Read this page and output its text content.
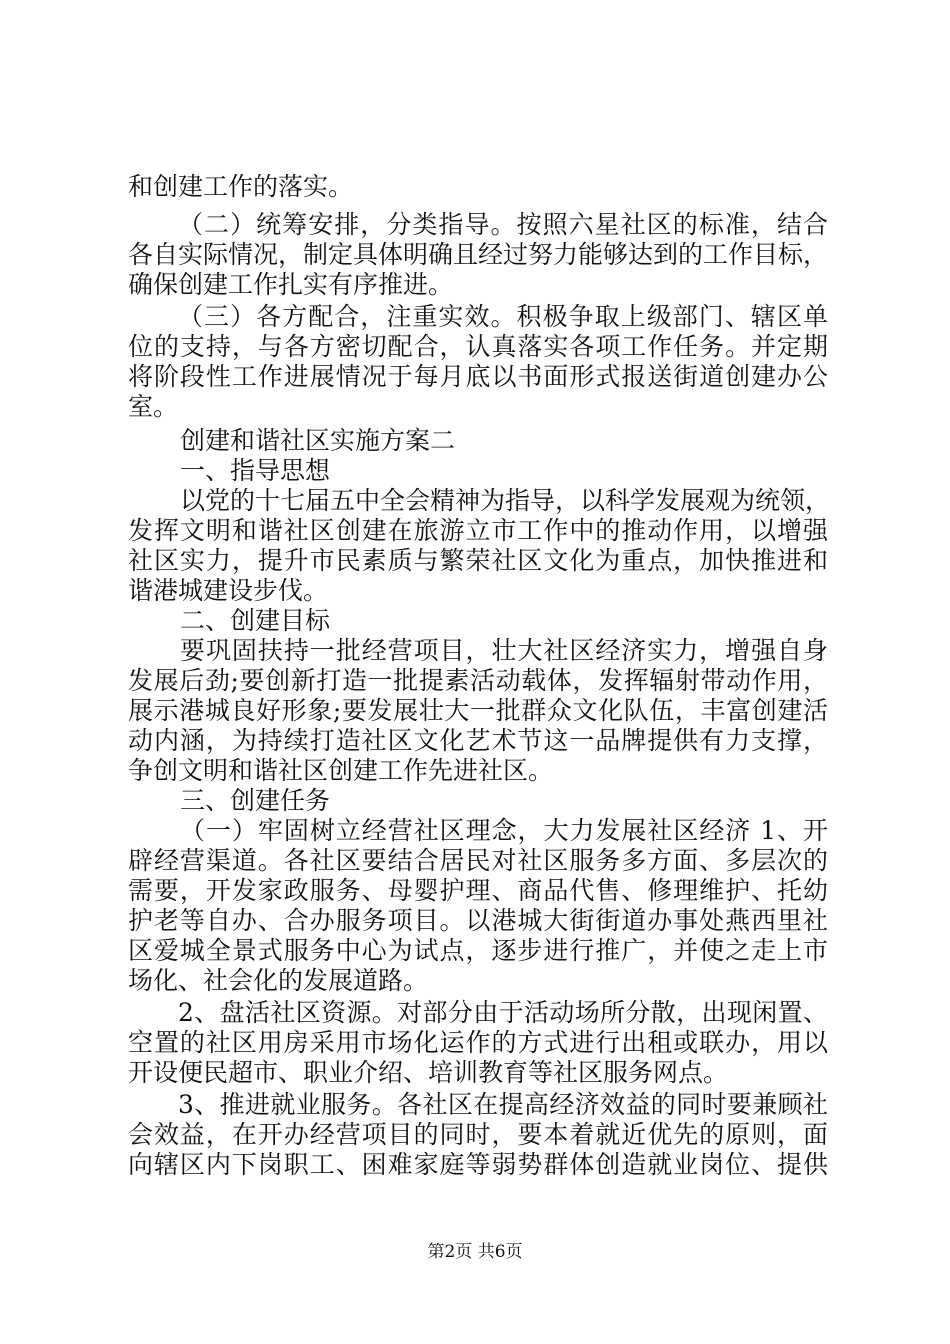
和创建工作的落实。
（二）统筹安排，分类指导。按照六星社区的标准，结合
各自实际情况，制定具体明确且经过努力能够达到的工作目标，
确保创建工作扎实有序推进。
（三）各方配合，注重实效。积极争取上级部门、辖区单
位的支持，与各方密切配合，认真落实各项工作任务。并定期
将阶段性工作进展情况于每月底以书面形式报送街道创建办公
室。
创建和谐社区实施方案二
一、指导思想
以党的十七届五中全会精神为指导，以科学发展观为统领，
发挥文明和谐社区创建在旅游立市工作中的推动作用，以增强
社区实力，提升市民素质与繁荣社区文化为重点，加快推进和
谐港城建设步伐。
二、创建目标
要巩固扶持一批经营项目，壮大社区经济实力，增强自身
发展后劲;要创新打造一批提素活动载体，发挥辐射带动作用，
展示港城良好形象;要发展壮大一批群众文化队伍，丰富创建活
动内涵，为持续打造社区文化艺术节这一品牌提供有力支撑，
争创文明和谐社区创建工作先进社区。
三、创建任务
（一）牢固树立经营社区理念，大力发展社区经济 1、开
辟经营渠道。各社区要结合居民对社区服务多方面、多层次的
需要，开发家政服务、母婴护理、商品代售、修理维护、托幼
护老等自办、合办服务项目。以港城大街街道办事处燕西里社
区爱城全景式服务中心为试点，逐步进行推广，并使之走上市
场化、社会化的发展道路。
2、盘活社区资源。对部分由于活动场所分散，出现闲置、
空置的社区用房采用市场化运作的方式进行出租或联办，用以
开设便民超市、职业介绍、培训教育等社区服务网点。
3、推进就业服务。各社区在提高经济效益的同时要兼顾社
会效益，在开办经营项目的同时，要本着就近优先的原则，面
向辖区内下岗职工、困难家庭等弱势群体创造就业岗位、提供
第2页 共6页
